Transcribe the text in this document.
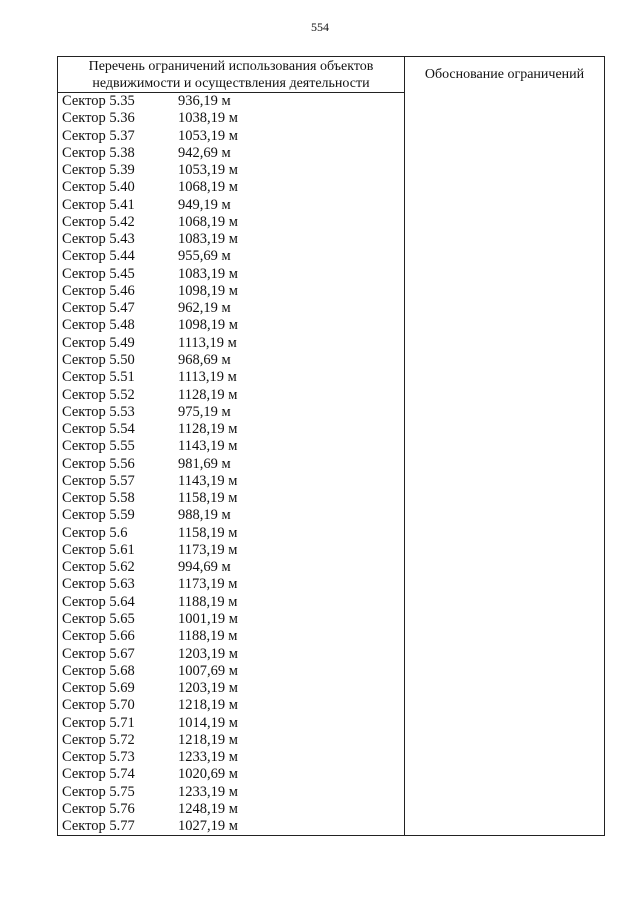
554
Перечень ограничений использования объектов
недвижимости и осуществления деятельности
Обоснование ограничений
Сектор 5.35	936,19 м
Сектор 5.36	1038,19 м
Сектор 5.37	1053,19 м
Сектор 5.38	942,69 м
Сектор 5.39	1053,19 м
Сектор 5.40	1068,19 м
Сектор 5.41	949,19 м
Сектор 5.42	1068,19 м
Сектор 5.43	1083,19 м
Сектор 5.44	955,69 м
Сектор 5.45	1083,19 м
Сектор 5.46	1098,19 м
Сектор 5.47	962,19 м
Сектор 5.48	1098,19 м
Сектор 5.49	1113,19 м
Сектор 5.50	968,69 м
Сектор 5.51	1113,19 м
Сектор 5.52	1128,19 м
Сектор 5.53	975,19 м
Сектор 5.54	1128,19 м
Сектор 5.55	1143,19 м
Сектор 5.56	981,69 м
Сектор 5.57	1143,19 м
Сектор 5.58	1158,19 м
Сектор 5.59	988,19 м
Сектор 5.6	1158,19 м
Сектор 5.61	1173,19 м
Сектор 5.62	994,69 м
Сектор 5.63	1173,19 м
Сектор 5.64	1188,19 м
Сектор 5.65	1001,19 м
Сектор 5.66	1188,19 м
Сектор 5.67	1203,19 м
Сектор 5.68	1007,69 м
Сектор 5.69	1203,19 м
Сектор 5.70	1218,19 м
Сектор 5.71	1014,19 м
Сектор 5.72	1218,19 м
Сектор 5.73	1233,19 м
Сектор 5.74	1020,69 м
Сектор 5.75	1233,19 м
Сектор 5.76	1248,19 м
Сектор 5.77	1027,19 м
